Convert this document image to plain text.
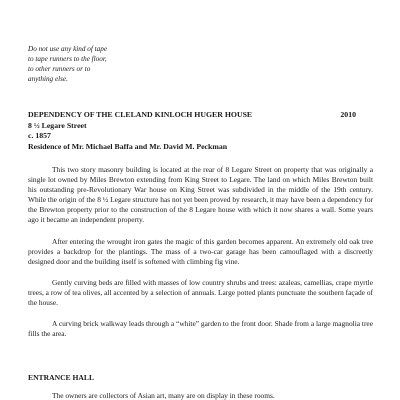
Do not use any kind of tape
to tape runners to the floor,
to other runners or to
anything else.
DEPENDENCY OF THE CLELAND KINLOCH HUGER HOUSE	2010
8 ½ Legare Street
c. 1857
Residence of Mr. Michael Baffa and Mr. David M. Peckman

This two story masonry building is located at the rear of 8 Legare Street on property that was originally a single lot owned by Miles Brewton extending from King Street to Legare. The land on which Miles Brewton built his outstanding pre-Revolutionary War house on King Street was subdivided in the middle of the 19th century. While the origin of the 8 ½ Legare structure has not yet been proved by research, it may have been a dependency for the Brewton property prior to the construction of the 8 Legare house with which it now shares a wall. Some years ago it became an independent property.

After entering the wrought iron gates the magic of this garden becomes apparent. An extremely old oak tree provides a backdrop for the plantings. The mass of a two-car garage has been camouflaged with a discreetly designed door and the building itself is softened with climbing fig vine.

Gently curving beds are filled with masses of low country shrubs and trees: azaleas, camellias, crape myrtle trees, a row of tea olives, all accented by a selection of annuals. Large potted plants punctuate the southern façade of the house.

A curving brick walkway leads through a “white” garden to the front door. Shade from a large magnolia tree fills the area.

ENTRANCE HALL
The owners are collectors of Asian art, many are on display in these rooms.
